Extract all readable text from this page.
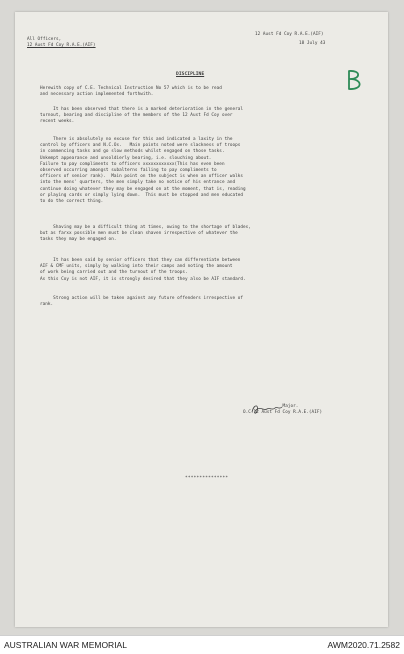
All Officers,
12 Aust Fd Coy R.A.E.(AIF)
12 Aust Fd Coy R.A.E.(AIF)
18 July 43
DISCIPLINE
Herewith copy of C.E. Technical Instruction No 57 which is to be read
and necessary action implemented forthwith.
It has been observed that there is a marked deterioration in the general
turnout, bearing and discipline of the members of the 12 Aust Fd Coy over
recent weeks.
There is absolutely no excuse for this and indicated a laxity in the
control by officers and N.C.Os.   Main points noted were slackness of troops
in commencing tasks and go slow methods whilst engaged on those tasks.
Unkempt appearance and unsoldierly bearing, i.e. slouching about.
Failure to pay compliments to officers xxxxxxxxxxxx(This has even been
observed occurring amongst subalterns failing to pay compliments to
officers of senior rank).  Main point on the subject is when an officer walks
into the mens' quarters, the men simply take no notice of his entrance and
continue doing whatever they may be engaged on at the moment, that is, reading
or playing cards or simply lying down.  This must be stopped and men educated
to do the correct thing.
Shaving may be a difficult thing at times, owing to the shortage of blades,
but as farxx possible men must be clean shaven irrespective of whatever the
tasks they may be engaged on.
It has been said by senior officers that they can differentiate between
AIF & CMF units, simply by walking into their camps and noting the amount
of work being carried out and the turnout of the troops.
As this Coy is not AIF, it is strongly desired that they also be AIF standard.
Strong action will be taken against any future offenders irrespective of
rank.
Major.
O.C.12 Aust Fd Coy R.A.E.(AIF)
***************
AUSTRALIAN WAR MEMORIAL	AWM2020.71.2582
